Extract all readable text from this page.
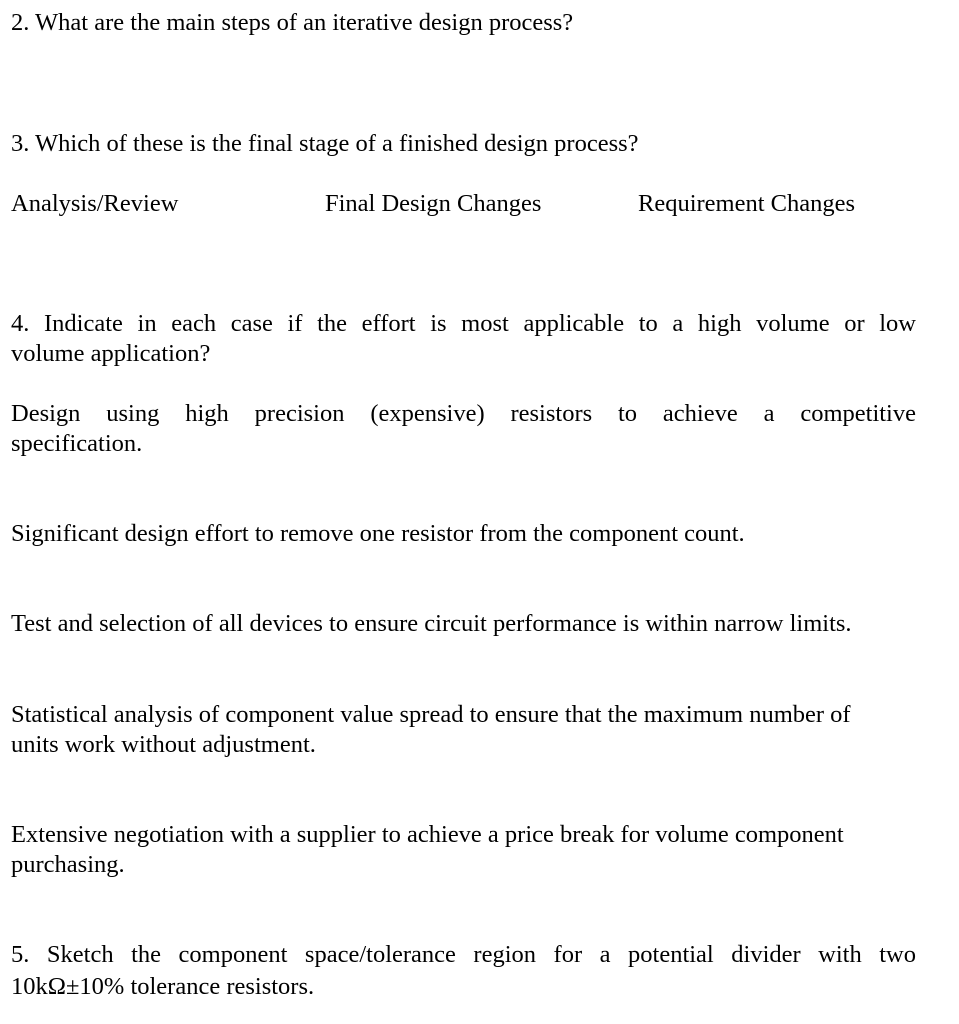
2. What are the main steps of an iterative design process?

3. Which of these is the final stage of a finished design process?

Analysis/Review	Final Design Changes	Requirement Changes

4. Indicate in each case if the effort is most applicable to a high volume or low

volume application?

Design using high precision (expensive) resistors to achieve a competitive

specification.

Significant design effort to remove one resistor from the component count.

Test and selection of all devices to ensure circuit performance is within narrow limits.

Statistical analysis of component value spread to ensure that the maximum number of

units work without adjustment.

Extensive negotiation with a supplier to achieve a price break for volume component

purchasing.

5. Sketch the component space/tolerance region for a potential divider with two

10kΩ±10% tolerance resistors.
